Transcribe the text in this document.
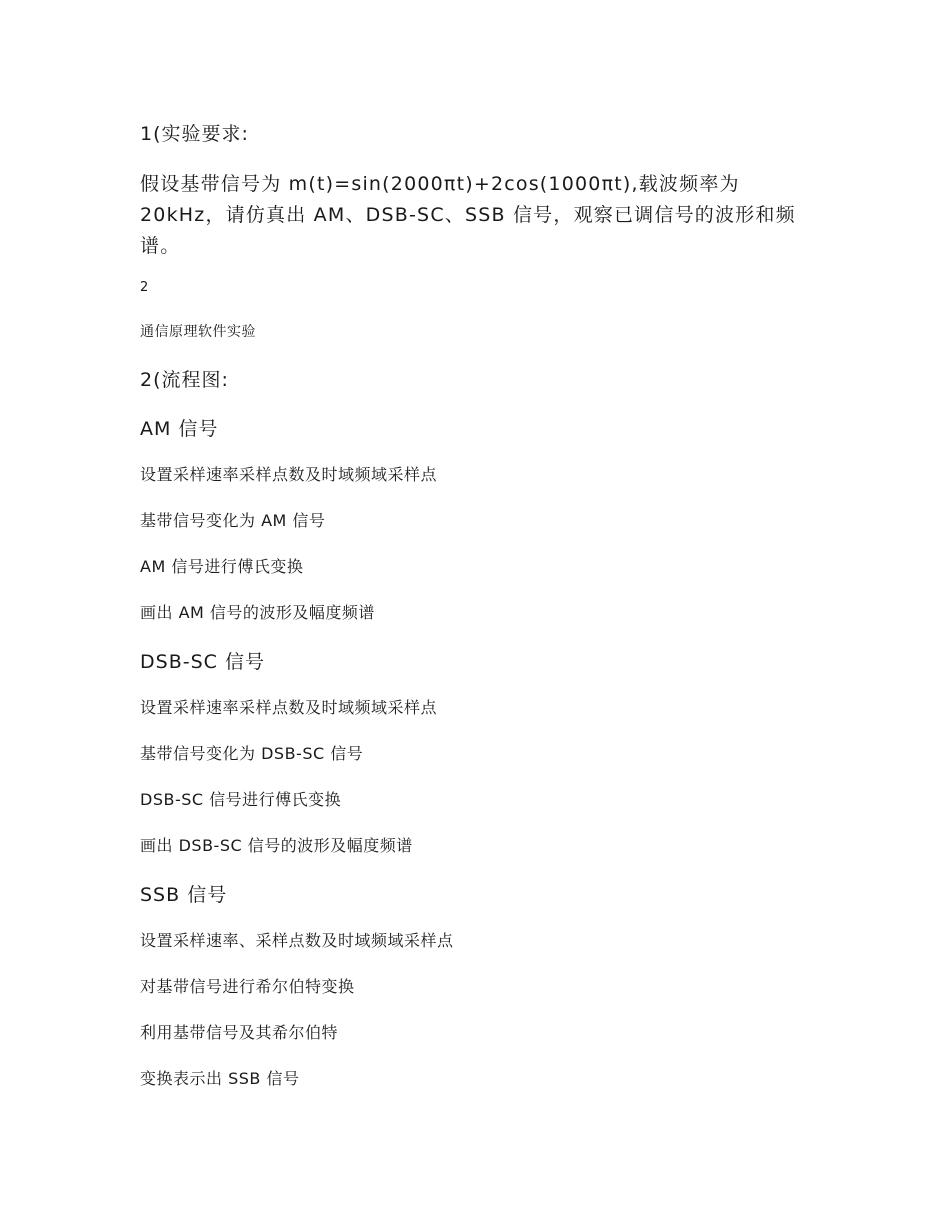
1(实验要求:
假设基带信号为 m(t)=sin(2000πt)+2cos(1000πt),载波频率为
20kHz，请仿真出 AM、DSB-SC、SSB 信号，观察已调信号的波形和频
谱。
2
通信原理软件实验
2(流程图:
AM 信号
设置采样速率采样点数及时域频域采样点
基带信号变化为 AM 信号
AM 信号进行傅氏变换
画出 AM 信号的波形及幅度频谱
DSB-SC 信号
设置采样速率采样点数及时域频域采样点
基带信号变化为 DSB-SC 信号
DSB-SC 信号进行傅氏变换
画出 DSB-SC 信号的波形及幅度频谱
SSB 信号
设置采样速率、采样点数及时域频域采样点
对基带信号进行希尔伯特变换
利用基带信号及其希尔伯特
变换表示出 SSB 信号
